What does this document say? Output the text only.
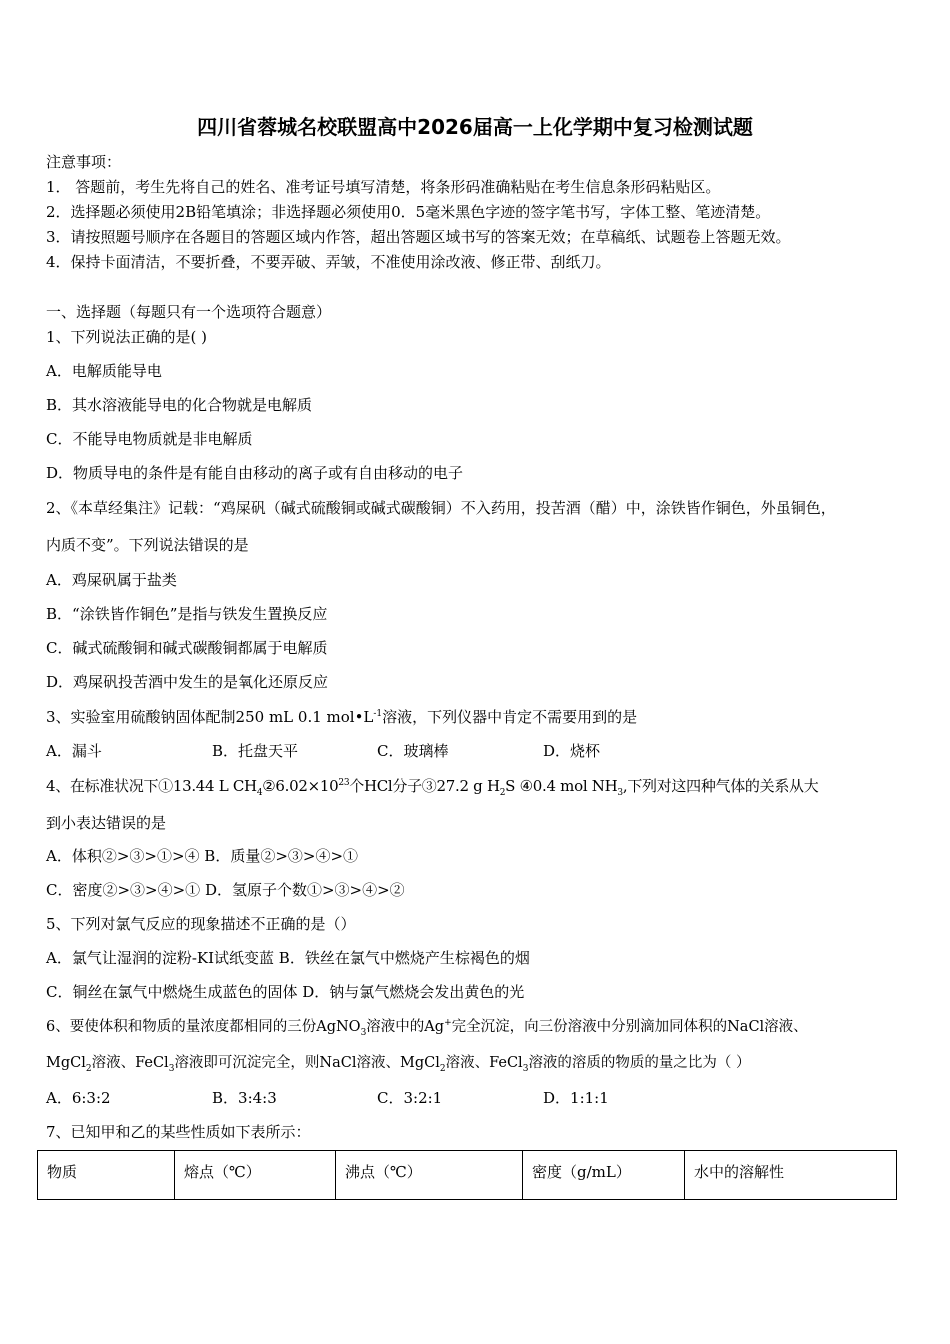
四川省蓉城名校联盟高中2026届高一上化学期中复习检测试题
注意事项：
1． 答题前，考生先将自己的姓名、准考证号填写清楚，将条形码准确粘贴在考生信息条形码粘贴区。
2．选择题必须使用2B铅笔填涂；非选择题必须使用0．5毫米黑色字迹的签字笔书写，字体工整、笔迹清楚。
3．请按照题号顺序在各题目的答题区域内作答，超出答题区域书写的答案无效；在草稿纸、试题卷上答题无效。
4．保持卡面清洁，不要折叠，不要弄破、弄皱，不准使用涂改液、修正带、刮纸刀。
一、选择题（每题只有一个选项符合题意）
1、下列说法正确的是( )
A．电解质能导电
B．其水溶液能导电的化合物就是电解质
C．不能导电物质就是非电解质
D．物质导电的条件是有能自由移动的离子或有自由移动的电子
2、《本草经集注》记载：“鸡屎矾（碱式硫酸铜或碱式碳酸铜）不入药用，投苦酒（醋）中，涂铁皆作铜色，外虽铜色，
内质不变”。下列说法错误的是
A．鸡屎矾属于盐类
B．“涂铁皆作铜色”是指与铁发生置换反应
C．碱式硫酸铜和碱式碳酸铜都属于电解质
D．鸡屎矾投苦酒中发生的是氧化还原反应
3、实验室用硫酸钠固体配制250 mL 0.1 $mol•L^{-1}$溶液，下列仪器中肯定不需要用到的是
A．漏斗	B．托盘天平	C．玻璃棒	D．烧杯
4、在标准状况下①13.44 L $CH_4②6.02\times 10^{23}$个HCl分子③27.2 g $H_2S$ ④0.4 mol $NH_3$,下列对这四种气体的关系从大
到小表达错误的是
A．体积②>③>①>④ B．质量②>③>④>①
C．密度②>③>④>① D．氢原子个数①>③>④>②
5、下列对氯气反应的现象描述不正确的是（）
A．氯气让湿润的淀粉-KI试纸变蓝 B．铁丝在氯气中燃烧产生棕褐色的烟
C．铜丝在氯气中燃烧生成蓝色的固体 D．钠与氯气燃烧会发出黄色的光
6、要使体积和物质的量浓度都相同的三份AgNO$_3$溶液中的Ag+完全沉淀，向三份溶液中分别滴加同体积的NaCl溶液、
MgCl$_2$溶液、FeCl$_3$溶液即可沉淀完全，则NaCl溶液、MgCl$_2$溶液、FeCl$_3$溶液的溶质的物质的量之比为（ ）
A．6:3:2	B．3:4:3	C．3:2:1	D．1:1:1
7、已知甲和乙的某些性质如下表所示：
物质	熔点（℃）	沸点（℃）	密度（g/mL）	水中的溶解性
